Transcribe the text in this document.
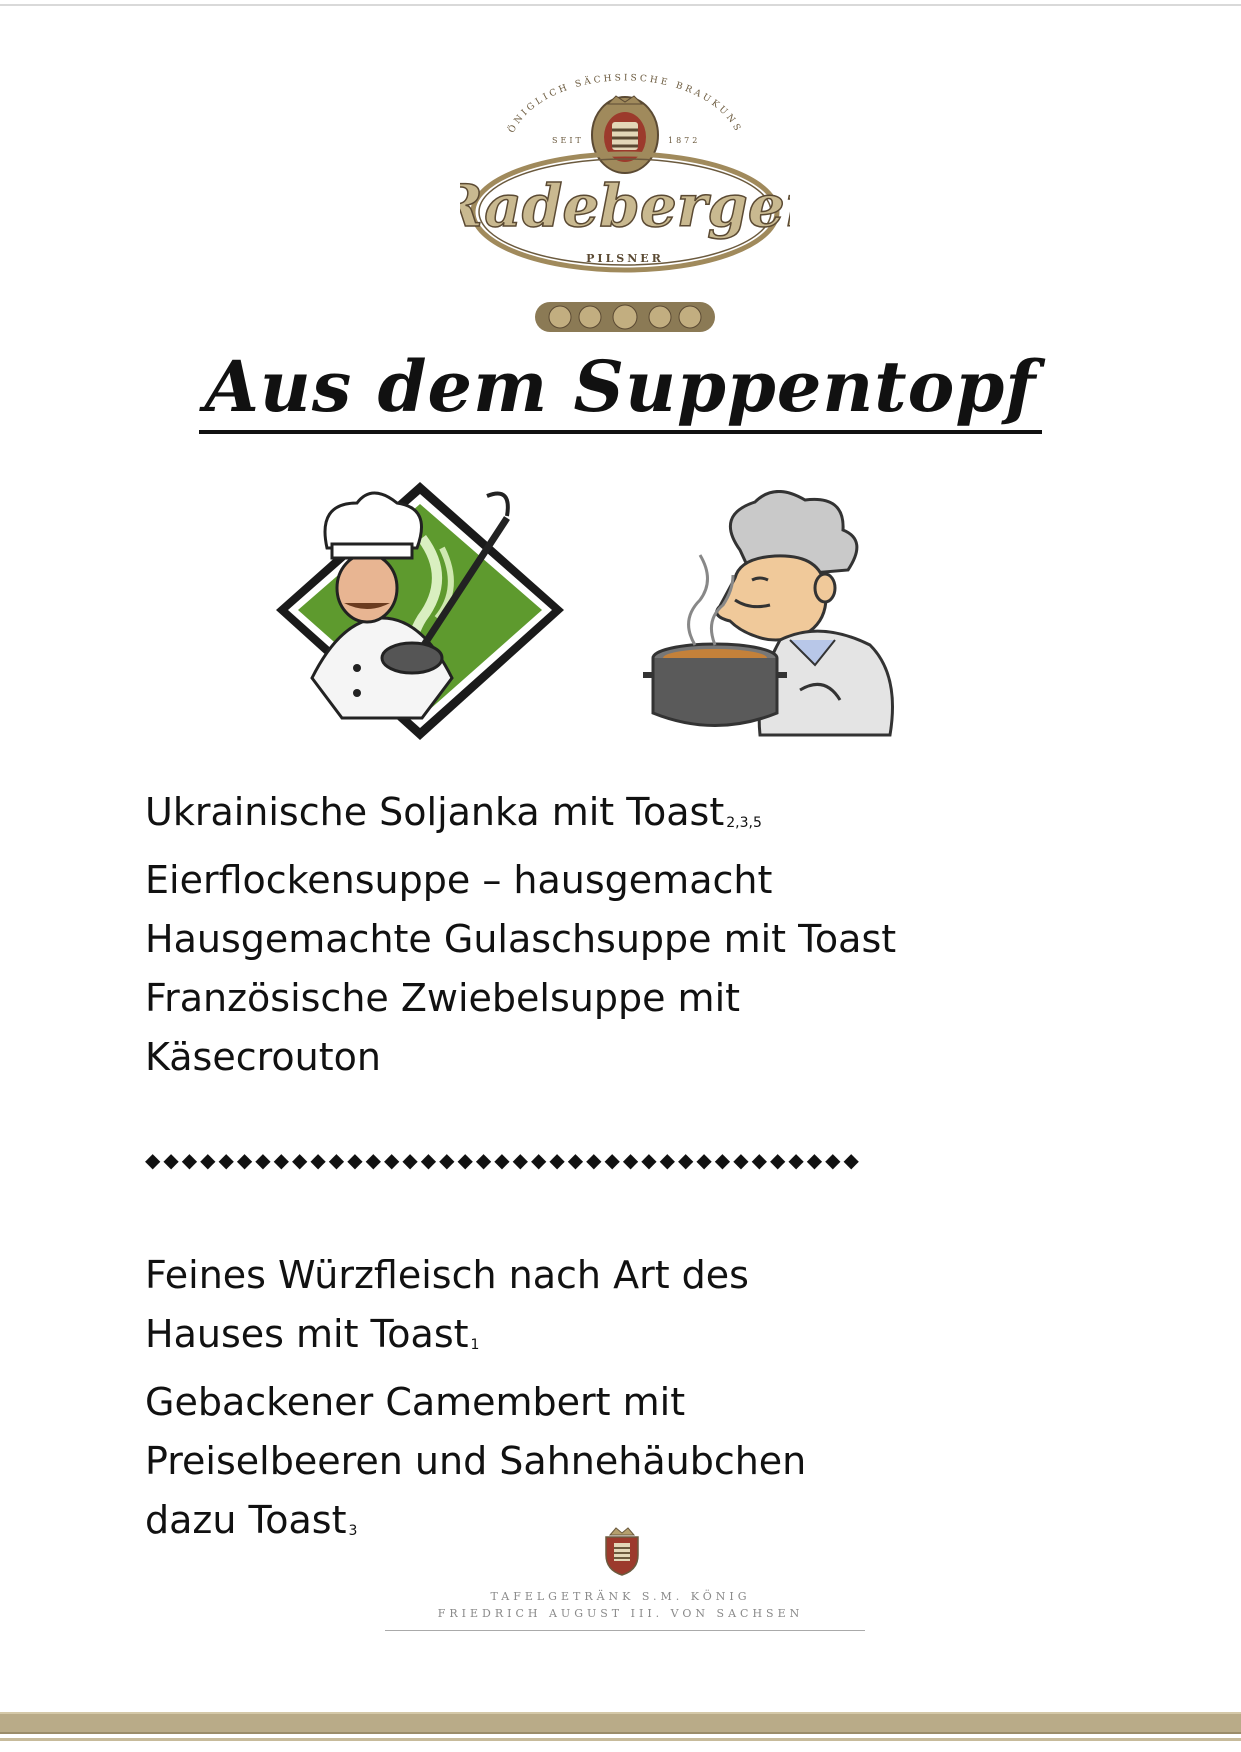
ÖNIGLICH SÄCHSISCHE BRAUKUNS
SEIT	1872
adeberge
PILSNER
Aus dem Suppentopf
Ukrainische Soljanka mit Toast $_{2,3,5}$
Eierflockensuppe – hausgemacht
Hausgemachte Gulaschsuppe mit Toast
Französische Zwiebelsuppe mit
Käsecrouton
◆◆◆◆◆◆◆◆◆◆◆◆◆◆◆◆◆◆◆◆◆◆◆◆◆◆◆◆◆◆◆◆◆◆◆◆◆◆◆
Feines Würzfleisch nach Art des
Hauses mit Toast $_1$
Gebackener Camembert mit
Preiselbeeren und Sahnehäubchen
dazu Toast $_3$
TAFELGETRÄNK S.M. KÖNIG
FRIEDRICH AUGUST III. VON SACHSEN
